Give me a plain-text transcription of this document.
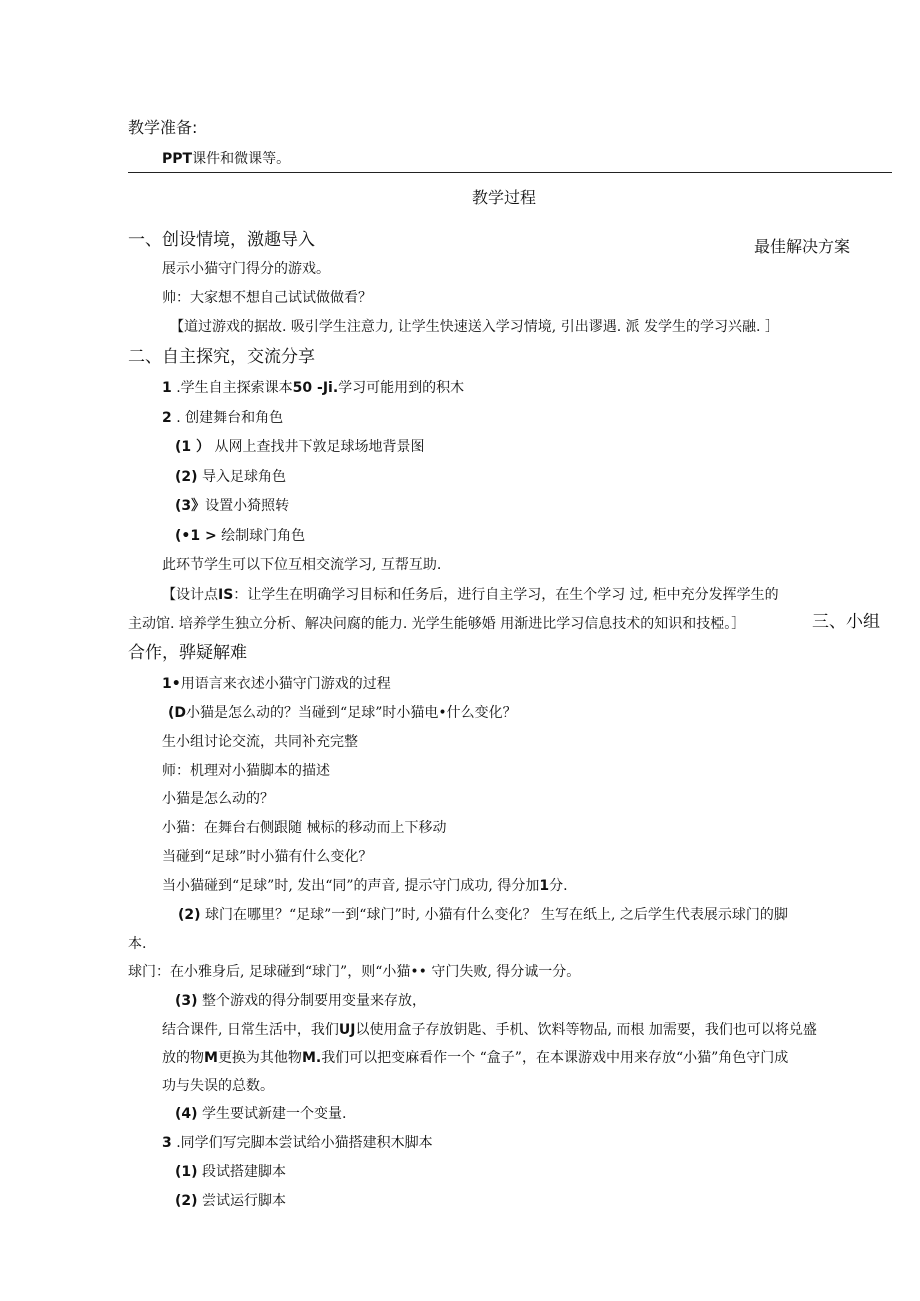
教学准备:
PPT课件和微课等。
教学过程
一、创设情境，激趣导入	最佳解决方案
展示小猫守门得分的游戏。
帅：大家想不想自己试试做做看？
【道过游戏的据故. 吸引学生注意力, 让学生快速送入学习情境, 引出谬遇. 派 发学生的学习兴融. ］
二、自主探究，交流分享
1 .学生自主探索课本50 -Ji.学习可能用到的积木
2 . 创建舞台和角色
(1 ） 从网上查找井下敦足球场地背景图
(2) 导入足球角色
(3》设置小猗照转
(•1 > 绘制球门角色
此环节学生可以下位互相交流学习, 互帮互助.
【设计点IS：让学生在明确学习目标和任务后，进行自主学习，在生个学习 过, 柜中充分发挥学生的
主动馆. 培养学生独立分析、解决问腐的能力. 光学生能够婚 用渐进比学习信息技术的知识和技椏。］	三、小组
合作，骅疑解难
1•用语言来衣述小猫守门游戏的过程
(D小猫是怎么动的？当碰到“足球”时小猫电•什么变化？
生小组讨论交流，共同补充完整
师：机理对小猫脚本的描述
小猫是怎么动的？
小猫：在舞台右侧跟随 械标的移动而上下移动
当碰到“足球”时小猫有什么变化？
当小猫碰到“足球”时, 发出“同”的声音, 提示守门成功, 得分加1分.
(2) 球门在哪里？“足球”一到“球门”时, 小猫有什么变化？ 生写在纸上, 之后学生代表展示球门的脚
本.
球门：在小雅身后, 足球碰到“球门”，则“小猫•• 守门失败, 得分诚一分。
(3) 整个游戏的得分制要用变量来存放，
结合课件, 日常生活中，我们UJ以使用盒子存放钥匙、手机、饮料等物品, 而根 加需要，我们也可以将兑盛
放的物M更换为其他物M.我们可以把变麻看作一个 “盒子”，在本课游戏中用来存放“小猫”角色守门成
功与失误的总数。
(4) 学生要试新建一个变量.
3 .同学们写完脚本尝试给小猫搭建积木脚本
(1) 段试搭建脚本
(2) 尝试运行脚本
